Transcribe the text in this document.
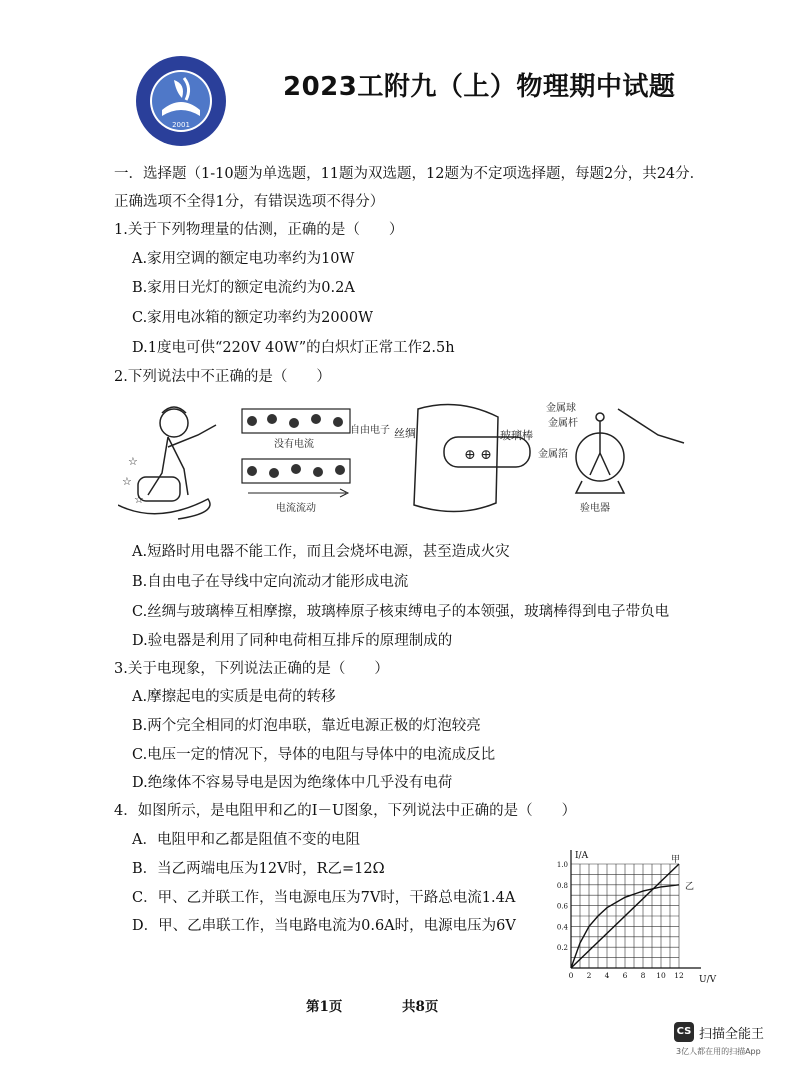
2001
2023工附九（上）物理期中试题
一．选择题（1-10题为单选题，11题为双选题，12题为不定项选择题，每题2分，共24分．
正确选项不全得1分，有错误选项不得分）
1.关于下列物理量的估测，正确的是（　　）
A.家用空调的额定电功率约为10W
B.家用日光灯的额定电流约为0.2A
C.家用电冰箱的额定功率约为2000W
D.1度电可供“220V 40W”的白炽灯正常工作2.5h
2.下列说法中不正确的是（　　）
☆
☆
☆
自由电子
没有电流
电流流动
⊕ ⊕
丝绸	玻璃棒
金属球
金属杆
金属箔
验电器
A.短路时用电器不能工作，而且会烧坏电源，甚至造成火灾
B.自由电子在导线中定向流动才能形成电流
C.丝绸与玻璃棒互相摩擦，玻璃棒原子核束缚电子的本领强，玻璃棒得到电子带负电
D.验电器是利用了同种电荷相互排斥的原理制成的
3.关于电现象，下列说法正确的是（　　）
A.摩擦起电的实质是电荷的转移
B.两个完全相同的灯泡串联，靠近电源正极的灯泡较亮
C.电压一定的情况下，导体的电阻与导体中的电流成反比
D.绝缘体不容易导电是因为绝缘体中几乎没有电荷
4．如图所示，是电阻甲和乙的I－U图象，下列说法中正确的是（　　）
A．电阻甲和乙都是阻值不变的电阻
B．当乙两端电压为12V时，R乙=12Ω
C．甲、乙并联工作，当电源电压为7V时，干路总电流1.4A
D．甲、乙串联工作，当电路电流为0.6A时，电源电压为6V
U/V
I/A
0 2 4 6 8 10 12
0.2
0.4
0.6
0.8
1.0	甲
乙
第1页	共8页
CS 扫描全能王
3亿人都在用的扫描App
